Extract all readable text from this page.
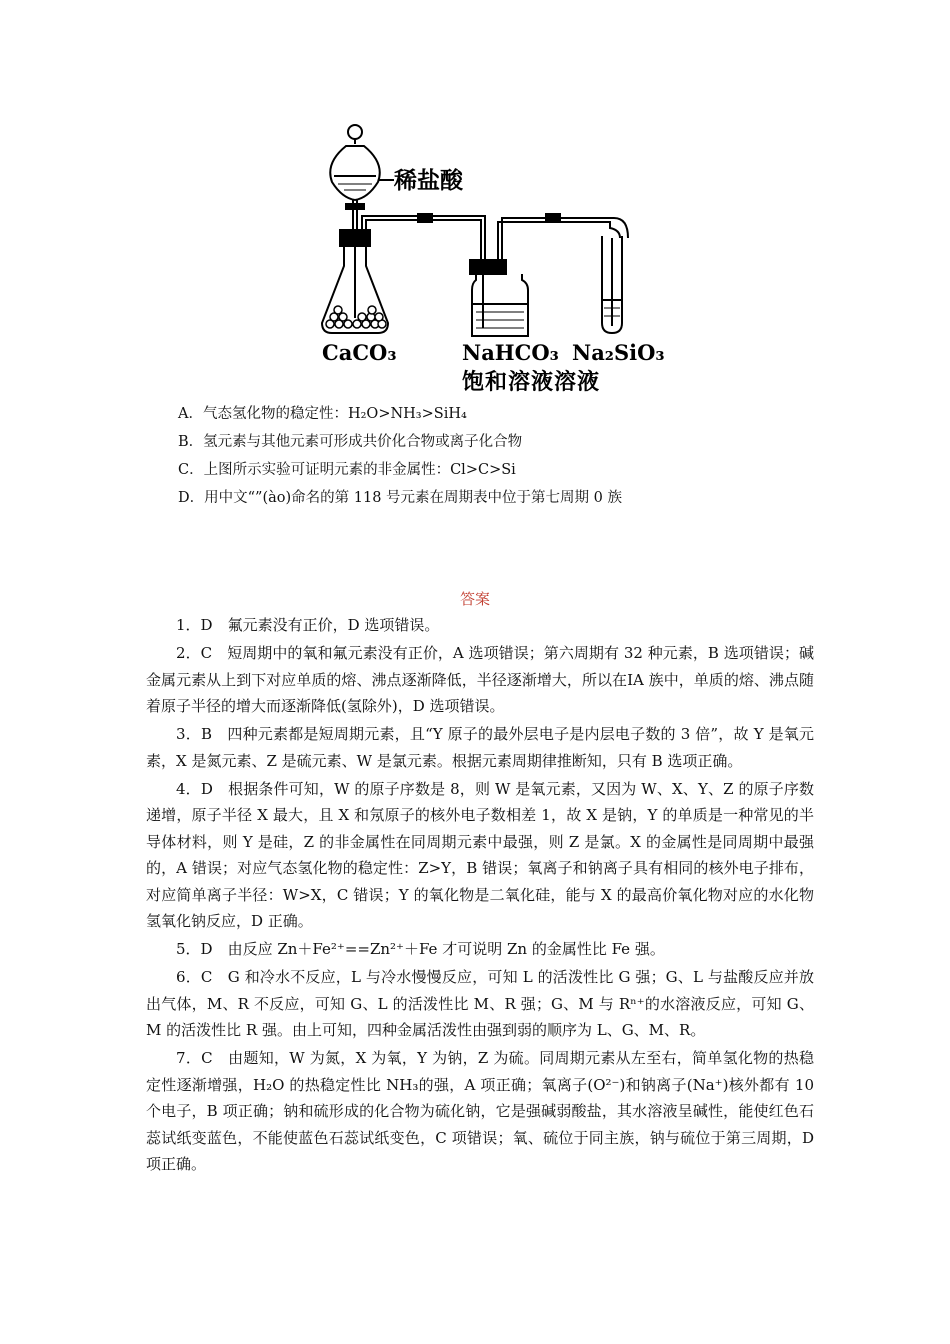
稀盐酸
CaCO₃	NaHCO₃ Na₂SiO₃
饱和溶液溶液
A．气态氢化物的稳定性：H₂O>NH₃>SiH₄
B．氢元素与其他元素可形成共价化合物或离子化合物
C．上图所示实验可证明元素的非金属性：Cl>C>Si
D．用中文“”(ào)命名的第 118 号元素在周期表中位于第七周期 0 族
答案

1．D　氟元素没有正价，D 选项错误。

2．C　短周期中的氧和氟元素没有正价，A 选项错误；第六周期有 32 种元素，B 选项错误；碱金属元素从上到下对应单质的熔、沸点逐渐降低，半径逐渐增大，所以在ⅠA 族中，单质的熔、沸点随着原子半径的增大而逐渐降低(氢除外)，D 选项错误。

3．B　四种元素都是短周期元素，且“Y 原子的最外层电子是内层电子数的 3 倍”，故 Y 是氧元素，X 是氮元素、Z 是硫元素、W 是氯元素。根据元素周期律推断知，只有 B 选项正确。

4．D　根据条件可知，W 的原子序数是 8，则 W 是氧元素，又因为 W、X、Y、Z 的原子序数递增，原子半径 X 最大，且 X 和氖原子的核外电子数相差 1，故 X 是钠，Y 的单质是一种常见的半导体材料，则 Y 是硅，Z 的非金属性在同周期元素中最强，则 Z 是氯。X 的金属性是同周期中最强的，A 错误；对应气态氢化物的稳定性：Z>Y，B 错误；氧离子和钠离子具有相同的核外电子排布，对应简单离子半径：W>X，C 错误；Y 的氧化物是二氧化硅，能与 X 的最高价氧化物对应的水化物氢氧化钠反应，D 正确。

5．D　由反应 Zn＋Fe²⁺==Zn²⁺＋Fe 才可说明 Zn 的金属性比 Fe 强。

6．C　G 和冷水不反应，L 与冷水慢慢反应，可知 L 的活泼性比 G 强；G、L 与盐酸反应并放出气体，M、R 不反应，可知 G、L 的活泼性比 M、R 强；G、M 与 Rⁿ⁺的水溶液反应，可知 G、M 的活泼性比 R 强。由上可知，四种金属活泼性由强到弱的顺序为 L、G、M、R。

7．C　由题知，W 为氮，X 为氧，Y 为钠，Z 为硫。同周期元素从左至右，简单氢化物的热稳定性逐渐增强，H₂O 的热稳定性比 NH₃的强，A 项正确；氧离子(O²⁻)和钠离子(Na⁺)核外都有 10 个电子，B 项正确；钠和硫形成的化合物为硫化钠，它是强碱弱酸盐，其水溶液呈碱性，能使红色石蕊试纸变蓝色，不能使蓝色石蕊试纸变色，C 项错误；氧、硫位于同主族，钠与硫位于第三周期，D 项正确。
